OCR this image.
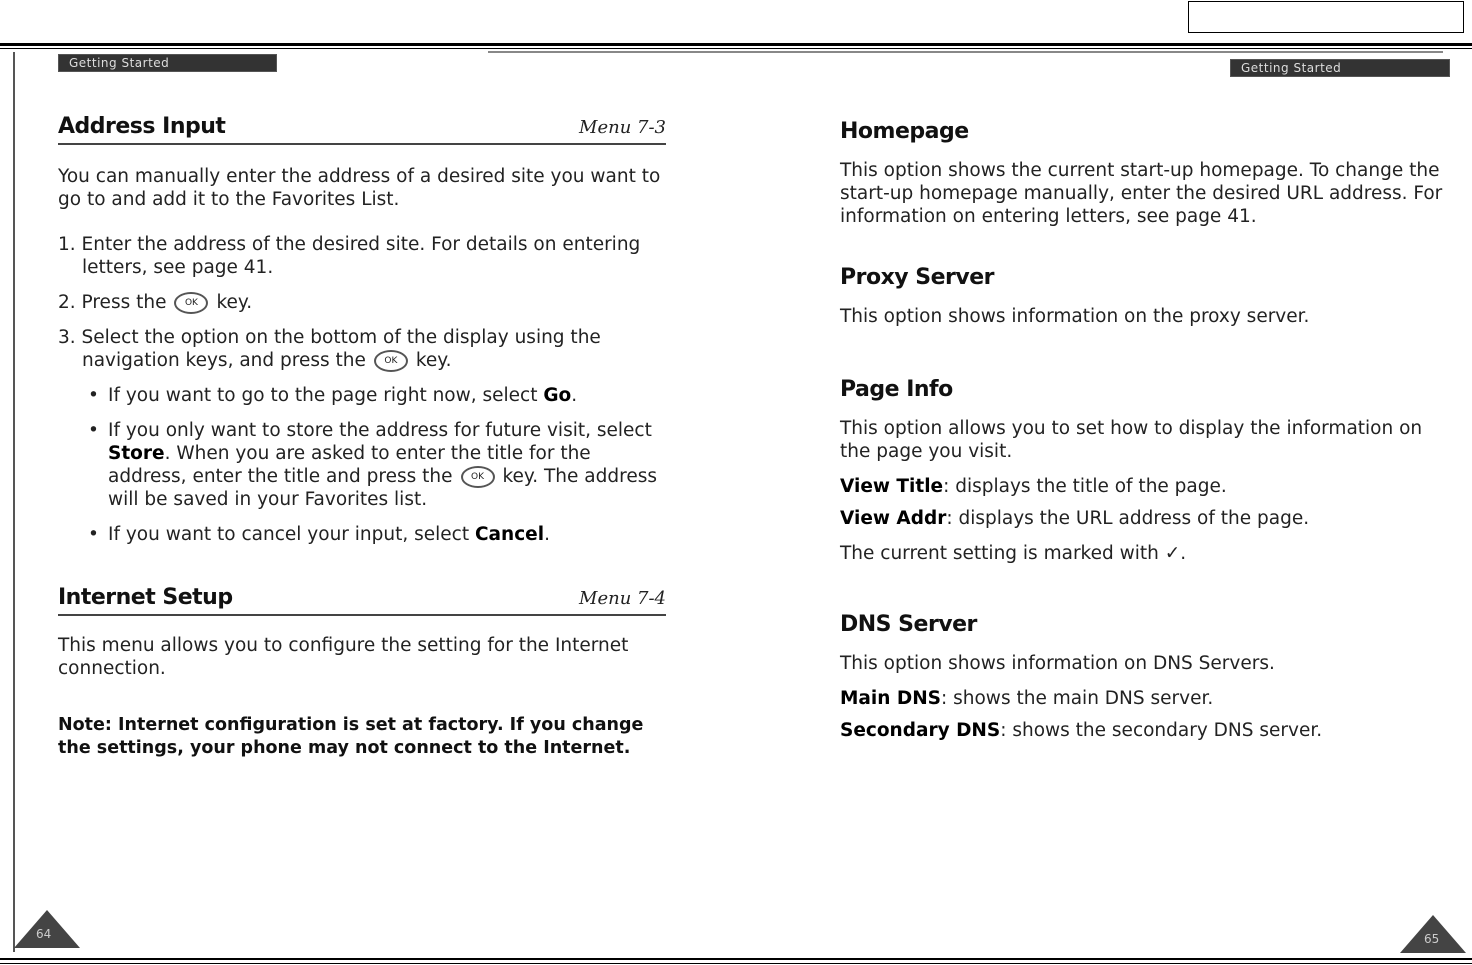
Getting Started	Getting Started
Address Input	Menu 7-3

You can manually enter the address of a desired site you want to go to and add it to the Favorites List.

1. Enter the address of the desired site. For details on entering letters, see page 41.
2. Press the OK key.
3. Select the option on the bottom of the display using the navigation keys, and press the OK key.
• If you want to go to the page right now, select Go.
• If you only want to store the address for future visit, select Store. When you are asked to enter the title for the address, enter the title and press the OK key. The address will be saved in your Favorites list.
• If you want to cancel your input, select Cancel.
Internet Setup	Menu 7-4

This menu allows you to configure the setting for the Internet connection.

Note: Internet configuration is set at factory. If you change the settings, your phone may not connect to the Internet.

Homepage

This option shows the current start-up homepage. To change the start-up homepage manually, enter the desired URL address. For information on entering letters, see page 41.

Proxy Server

This option shows information on the proxy server.

Page Info

This option allows you to set how to display the information on the page you visit.

View Title: displays the title of the page.

View Addr: displays the URL address of the page.

The current setting is marked with ✓.

DNS Server

This option shows information on DNS Servers.

Main DNS: shows the main DNS server.

Secondary DNS: shows the secondary DNS server.

64	65
